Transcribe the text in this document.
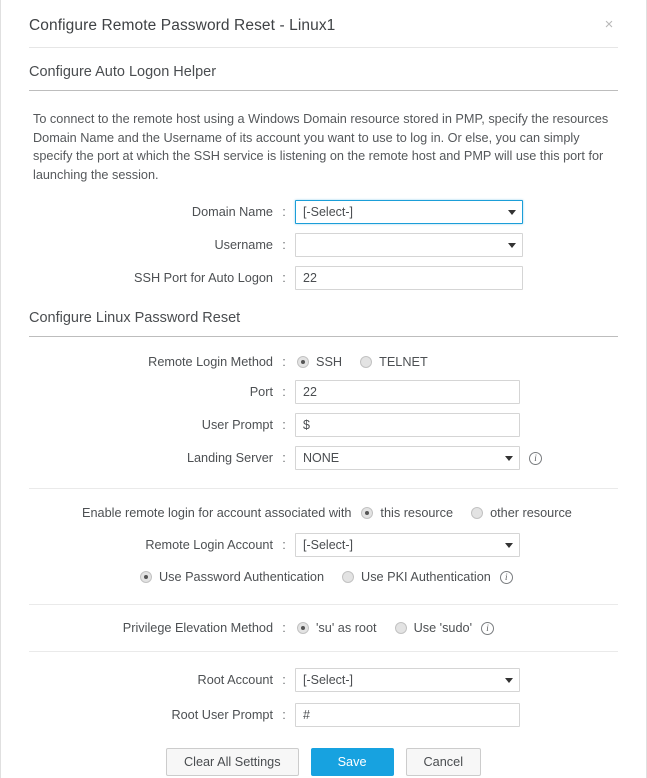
Configure Remote Password Reset - Linux1	×
Configure Auto Logon Helper
To connect to the remote host using a Windows Domain resource stored in PMP, specify the resources Domain Name and the Username of its account you want to use to log in. Or else, you can simply specify the port at which the SSH service is listening on the remote host and PMP will use this port for launching the session.
Domain Name :	[-Select-]
Username :
SSH Port for Auto Logon :
22
Configure Linux Password Reset
Remote Login Method :	SSH	TELNET
Port :
22
User Prompt :
$
Landing Server :	NONE	i
Enable remote login for account associated with this resource	other resource
Remote Login Account :	[-Select-]
Use Password Authentication	Use PKI Authentication	i
Privilege Elevation Method :	'su' as root	Use 'sudo'	i
Root Account :	[-Select-]
Root User Prompt :
#
Clear All Settings	Save	Cancel
